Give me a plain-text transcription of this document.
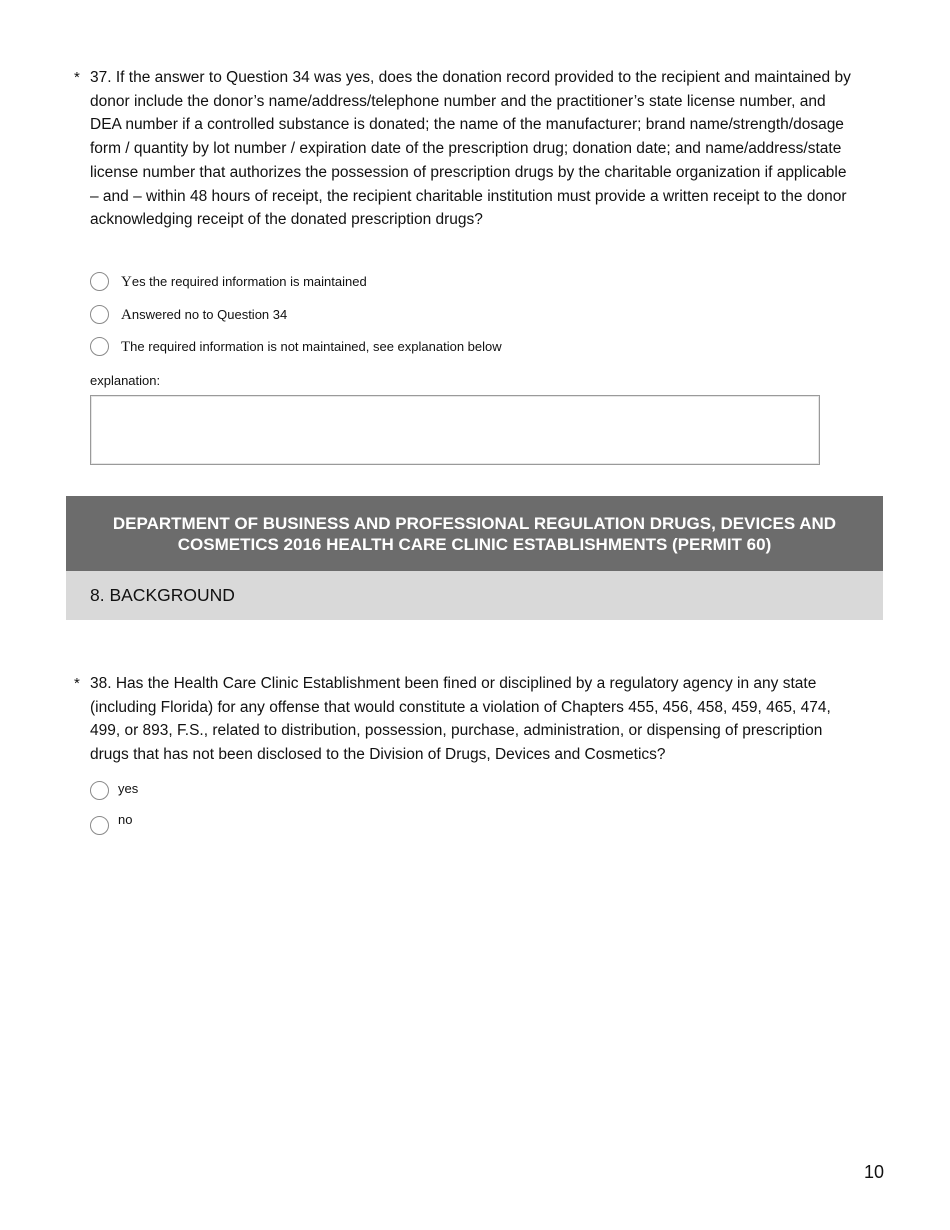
* 37. If the answer to Question 34 was yes, does the donation record provided to the recipient and maintained by donor include the donor’s name/address/telephone number and the practitioner’s state license number, and DEA number if a controlled substance is donated; the name of the manufacturer; brand name/strength/dosage form / quantity by lot number / expiration date of the prescription drug; donation date; and name/address/state license number that authorizes the possession of prescription drugs by the charitable organization if applicable – and – within 48 hours of receipt, the recipient charitable institution must provide a written receipt to the donor acknowledging receipt of the donated prescription drugs?
Yes the required information is maintained
Answered no to Question 34
The required information is not maintained, see explanation below
explanation:
DEPARTMENT OF BUSINESS AND PROFESSIONAL REGULATION DRUGS, DEVICES AND COSMETICS 2016 HEALTH CARE CLINIC ESTABLISHMENTS (PERMIT 60)
8. BACKGROUND
* 38. Has the Health Care Clinic Establishment been fined or disciplined by a regulatory agency in any state (including Florida) for any offense that would constitute a violation of Chapters 455, 456, 458, 459, 465, 474, 499, or 893, F.S., related to distribution, possession, purchase, administration, or dispensing of prescription drugs that has not been disclosed to the Division of Drugs, Devices and Cosmetics?
yes
no
10
